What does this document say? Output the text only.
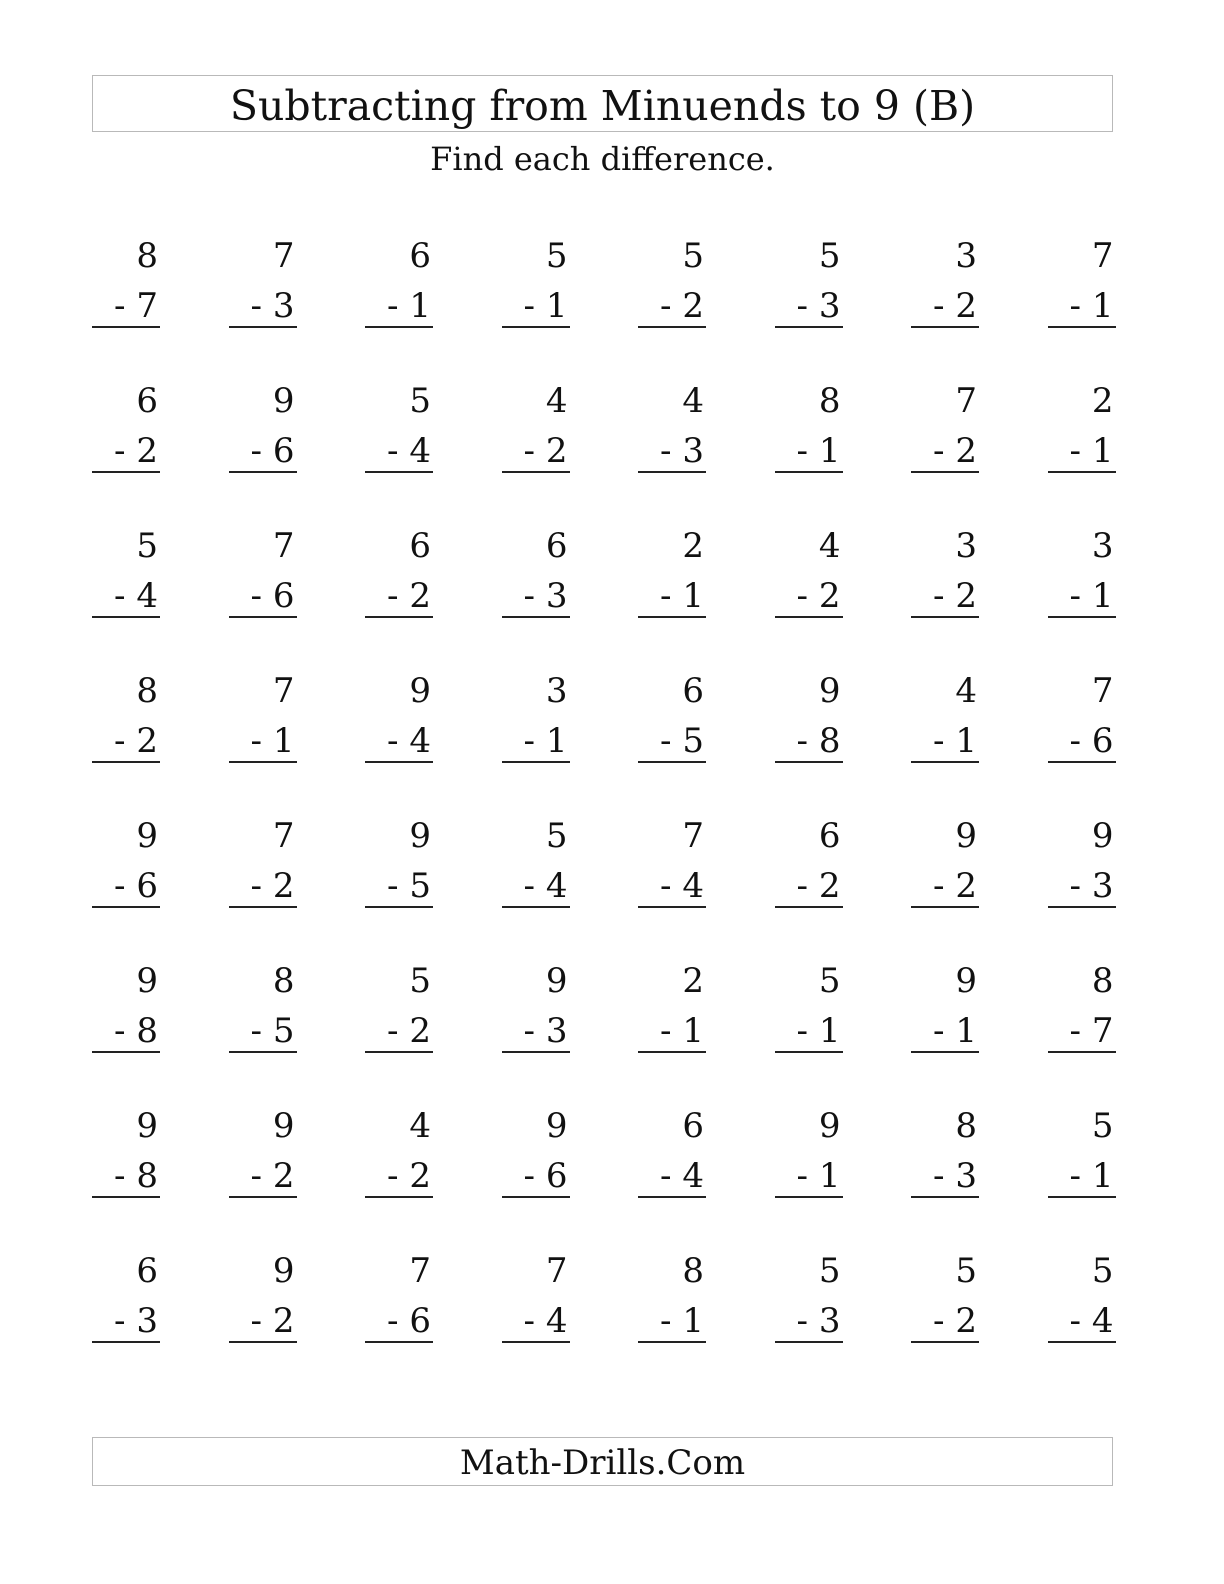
Subtracting from Minuends to 9 (B)
Find each difference.
8
- 7
7
- 3
6
- 1
5
- 1
5
- 2
5
- 3
3
- 2
7
- 1
6
- 2
9
- 6
5
- 4
4
- 2
4
- 3
8
- 1
7
- 2
2
- 1
5
- 4
7
- 6
6
- 2
6
- 3
2
- 1
4
- 2
3
- 2
3
- 1
8
- 2
7
- 1
9
- 4
3
- 1
6
- 5
9
- 8
4
- 1
7
- 6
9
- 6
7
- 2
9
- 5
5
- 4
7
- 4
6
- 2
9
- 2
9
- 3
9
- 8
8
- 5
5
- 2
9
- 3
2
- 1
5
- 1
9
- 1
8
- 7
9
- 8
9
- 2
4
- 2
9
- 6
6
- 4
9
- 1
8
- 3
5
- 1
6
- 3
9
- 2
7
- 6
7
- 4
8
- 1
5
- 3
5
- 2
5
- 4
Math-Drills.Com
